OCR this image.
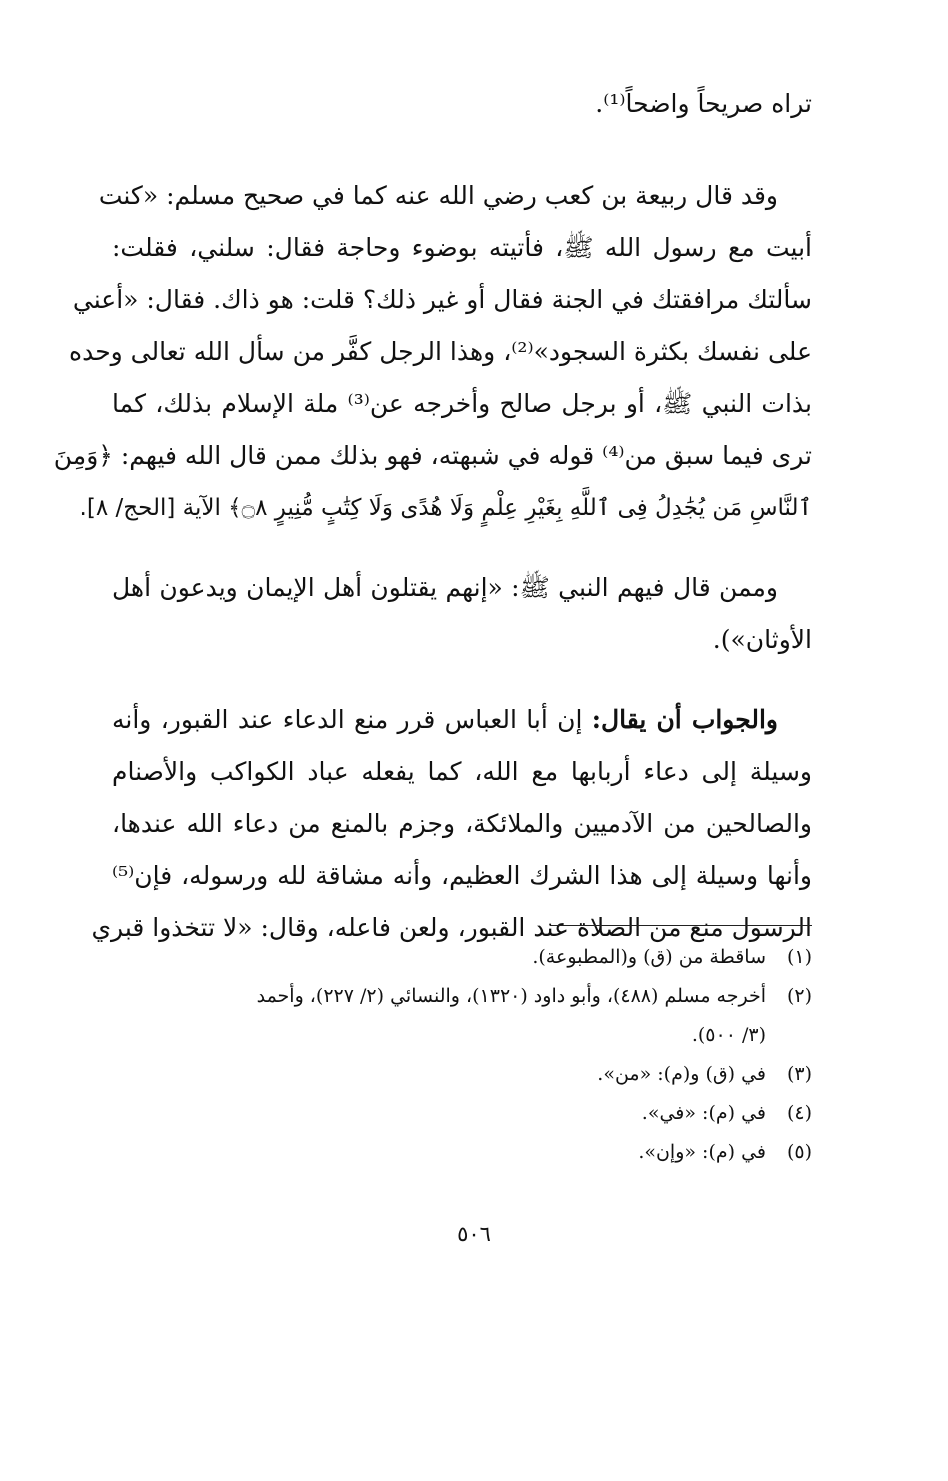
تراه صريحاً واضحاً⁽¹⁾.

وقد قال ربيعة بن كعب رضي الله عنه كما في صحيح مسلم: «كنت
أبيت مع رسول الله ﷺ، فأتيته بوضوء وحاجة فقال: سلني، فقلت:
سألتك مرافقتك في الجنة فقال أو غير ذلك؟ قلت: هو ذاك. فقال: «أعني
على نفسك بكثرة السجود»⁽²⁾، وهذا الرجل كفَّر من سأل الله تعالى وحده
بذات النبي ﷺ، أو برجل صالح وأخرجه عن⁽³⁾ ملة الإسلام بذلك، كما
ترى فيما سبق من⁽⁴⁾ قوله في شبهته، فهو بذلك ممن قال الله فيهم: ﴿وَمِنَ
ٱلنَّاسِ مَن يُجَٰدِلُ فِى ٱللَّهِ بِغَيْرِ عِلْمٍ وَلَا هُدًى وَلَا كِتَٰبٍ مُّنِيرٍ ۝٨﴾ الآية [الحج/ ٨].

وممن قال فيهم النبي ﷺ: «إنهم يقتلون أهل الإيمان ويدعون أهل
الأوثان»).

والجواب أن يقال: إن أبا العباس قرر منع الدعاء عند القبور، وأنه
وسيلة إلى دعاء أربابها مع الله، كما يفعله عباد الكواكب والأصنام
والصالحين من الآدميين والملائكة، وجزم بالمنع من دعاء الله عندها،
وأنها وسيلة إلى هذا الشرك العظيم، وأنه مشاقة لله ورسوله، فإن⁽⁵⁾
الرسول منع من الصلاة عند القبور، ولعن فاعله، وقال: «لا تتخذوا قبري

(١)
ساقطة من (ق) و(المطبوعة).
(٢)
أخرجه مسلم (٤٨٨)، وأبو داود (١٣٢٠)، والنسائي (٢/ ٢٢٧)، وأحمد
(٣/ ٥٠٠).
(٣)
في (ق) و(م): «من».
(٤)
في (م): «في».
(٥)
في (م): «وإن».
٥٠٦
